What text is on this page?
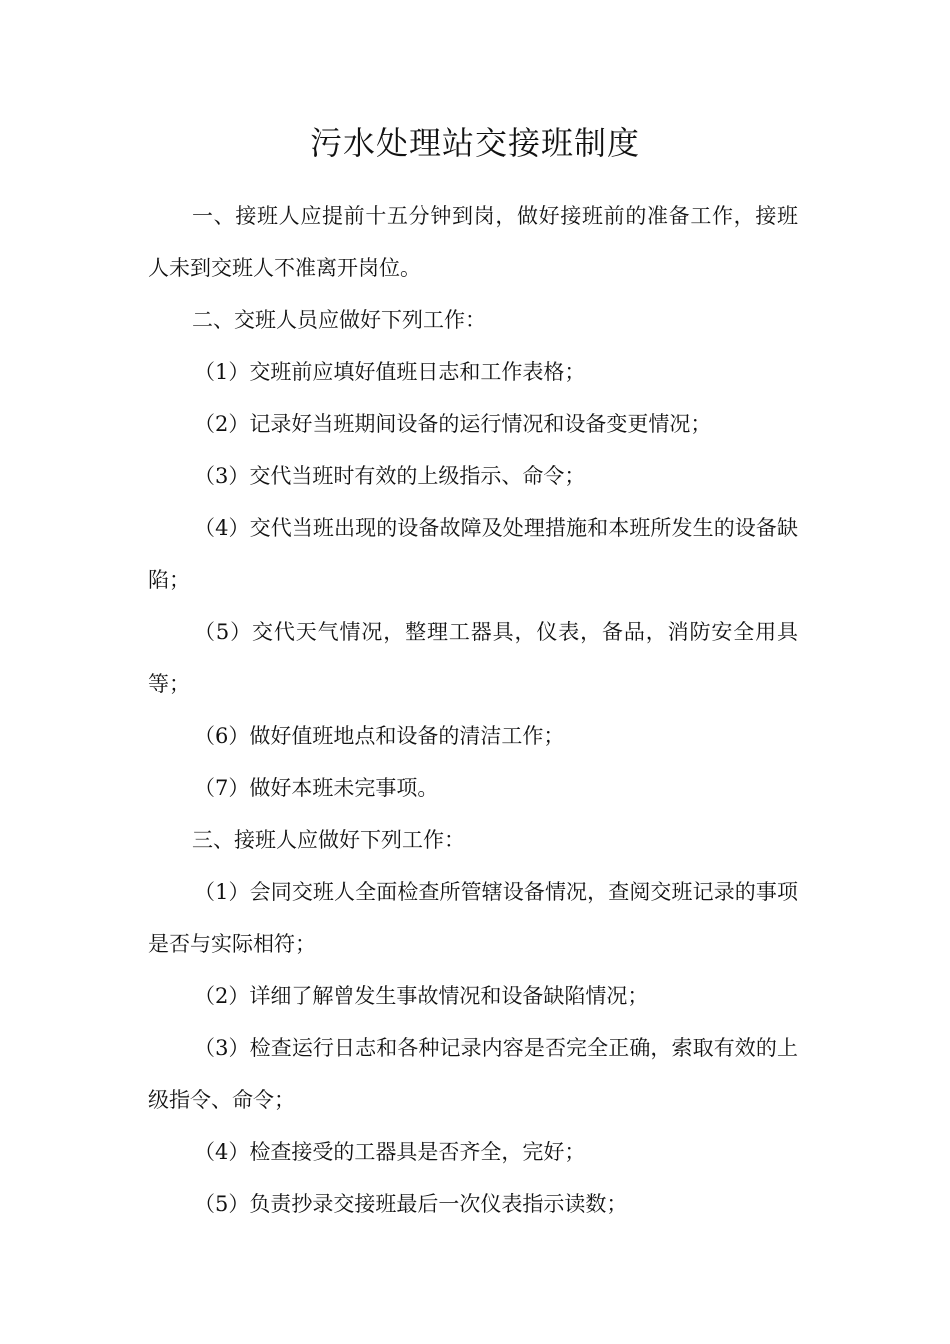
污水处理站交接班制度

一、接班人应提前十五分钟到岗，做好接班前的准备工作，接班人未到交班人不准离开岗位。

二、交班人员应做好下列工作：

（1）交班前应填好值班日志和工作表格；

（2）记录好当班期间设备的运行情况和设备变更情况；

（3）交代当班时有效的上级指示、命令；

（4）交代当班出现的设备故障及处理措施和本班所发生的设备缺陷；

（5）交代天气情况，整理工器具，仪表，备品，消防安全用具等；

（6）做好值班地点和设备的清洁工作；

（7）做好本班未完事项。

三、接班人应做好下列工作：

（1）会同交班人全面检查所管辖设备情况，查阅交班记录的事项是否与实际相符；

（2）详细了解曾发生事故情况和设备缺陷情况；

（3）检查运行日志和各种记录内容是否完全正确，索取有效的上级指令、命令；

（4）检查接受的工器具是否齐全，完好；

（5）负责抄录交接班最后一次仪表指示读数；
